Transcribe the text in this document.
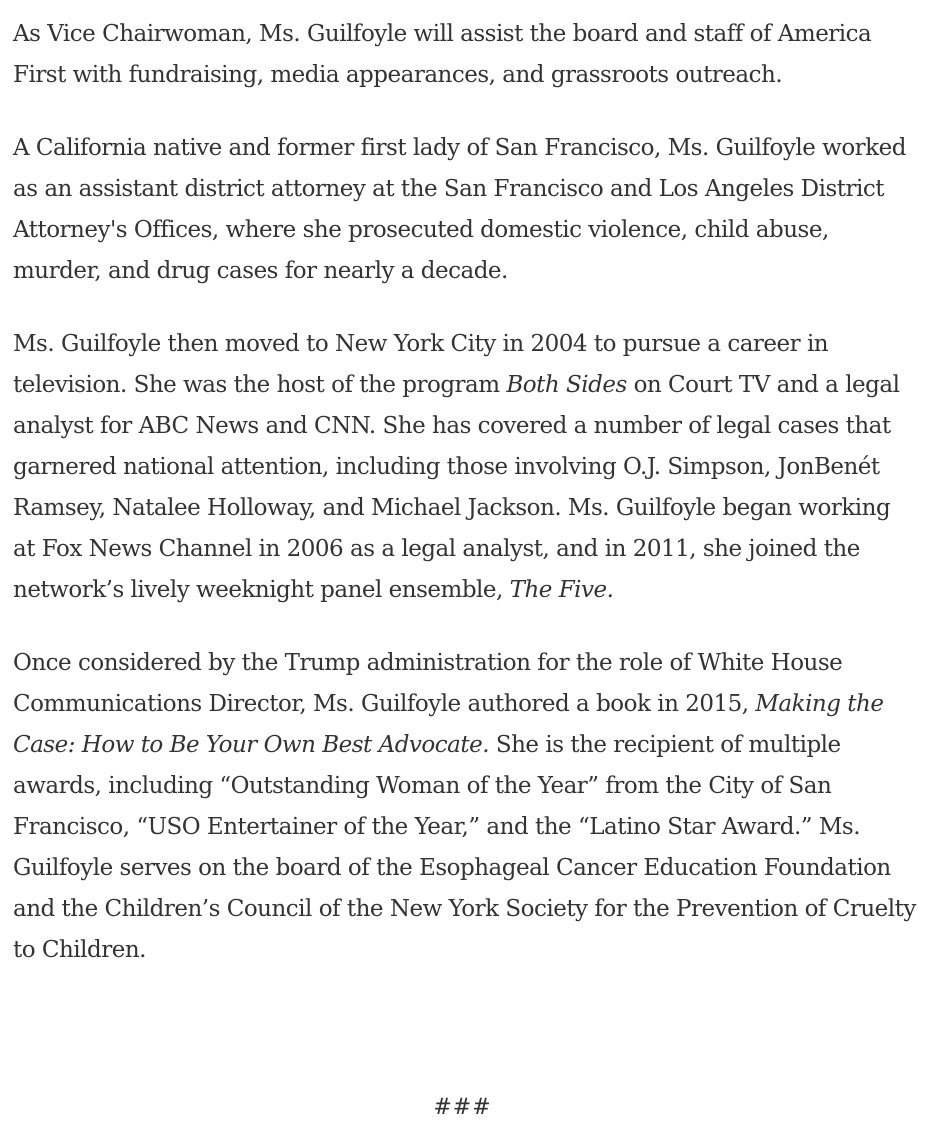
As Vice Chairwoman, Ms. Guilfoyle will assist the board and staff of America First with fundraising, media appearances, and grassroots outreach.

A California native and former first lady of San Francisco, Ms. Guilfoyle worked as an assistant district attorney at the San Francisco and Los Angeles District Attorney's Offices, where she prosecuted domestic violence, child abuse, murder, and drug cases for nearly a decade.

Ms. Guilfoyle then moved to New York City in 2004 to pursue a career in television. She was the host of the program Both Sides on Court TV and a legal analyst for ABC News and CNN. She has covered a number of legal cases that garnered national attention, including those involving O.J. Simpson, JonBenét Ramsey, Natalee Holloway, and Michael Jackson. Ms. Guilfoyle began working at Fox News Channel in 2006 as a legal analyst, and in 2011, she joined the network’s lively weeknight panel ensemble, The Five.

Once considered by the Trump administration for the role of White House Communications Director, Ms. Guilfoyle authored a book in 2015, Making the Case: How to Be Your Own Best Advocate. She is the recipient of multiple awards, including “Outstanding Woman of the Year” from the City of San Francisco, “USO Entertainer of the Year,” and the “Latino Star Award.” Ms. Guilfoyle serves on the board of the Esophageal Cancer Education Foundation and the Children’s Council of the New York Society for the Prevention of Cruelty to Children.

###
